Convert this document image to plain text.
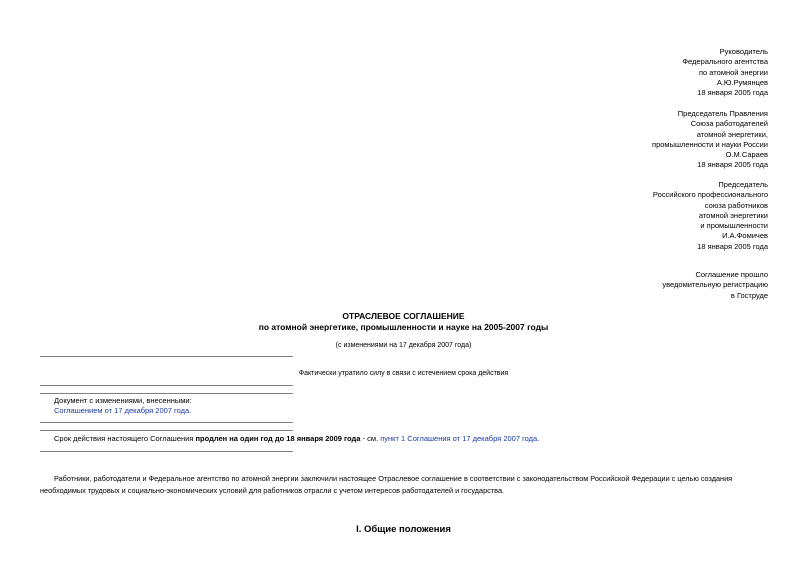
Руководитель
Федерального агентства
по атомной энергии
А.Ю.Румянцев
18 января 2005 года
Председатель Правления
Союза работодателей
атомной энергетики,
промышленности и науки России
О.М.Сараев
18 января 2005 года
Председатель
Российского профессионального
союза работников
атомной энергетики
и промышленности
И.А.Фомичев
18 января 2005 года
Соглашение прошло
уведомительную регистрацию
в Гострудe
ОТРАСЛЕВОЕ СОГЛАШЕНИЕ
по атомной энергетике, промышленности и науке на 2005-2007 годы
(с изменениями на 17 декабря 2007 года)
Фактически утратило силу в связи с истечением срока действия
Документ с изменениями, внесенными:
Соглашением от 17 декабря 2007 года.
Срок действия настоящего Соглашения продлен на один год до 18 января 2009 года - см. пункт 1 Соглашения от 17 декабря 2007 года.
Работники, работодатели и Федеральное агентство по атомной энергии заключили настоящее Отраслевое соглашение в соответствии с законодательством Российской Федерации с целью создания необходимых трудовых и социально-экономических условий для работников отрасли с учетом интересов работодателей и государства.
I. Общие положения
